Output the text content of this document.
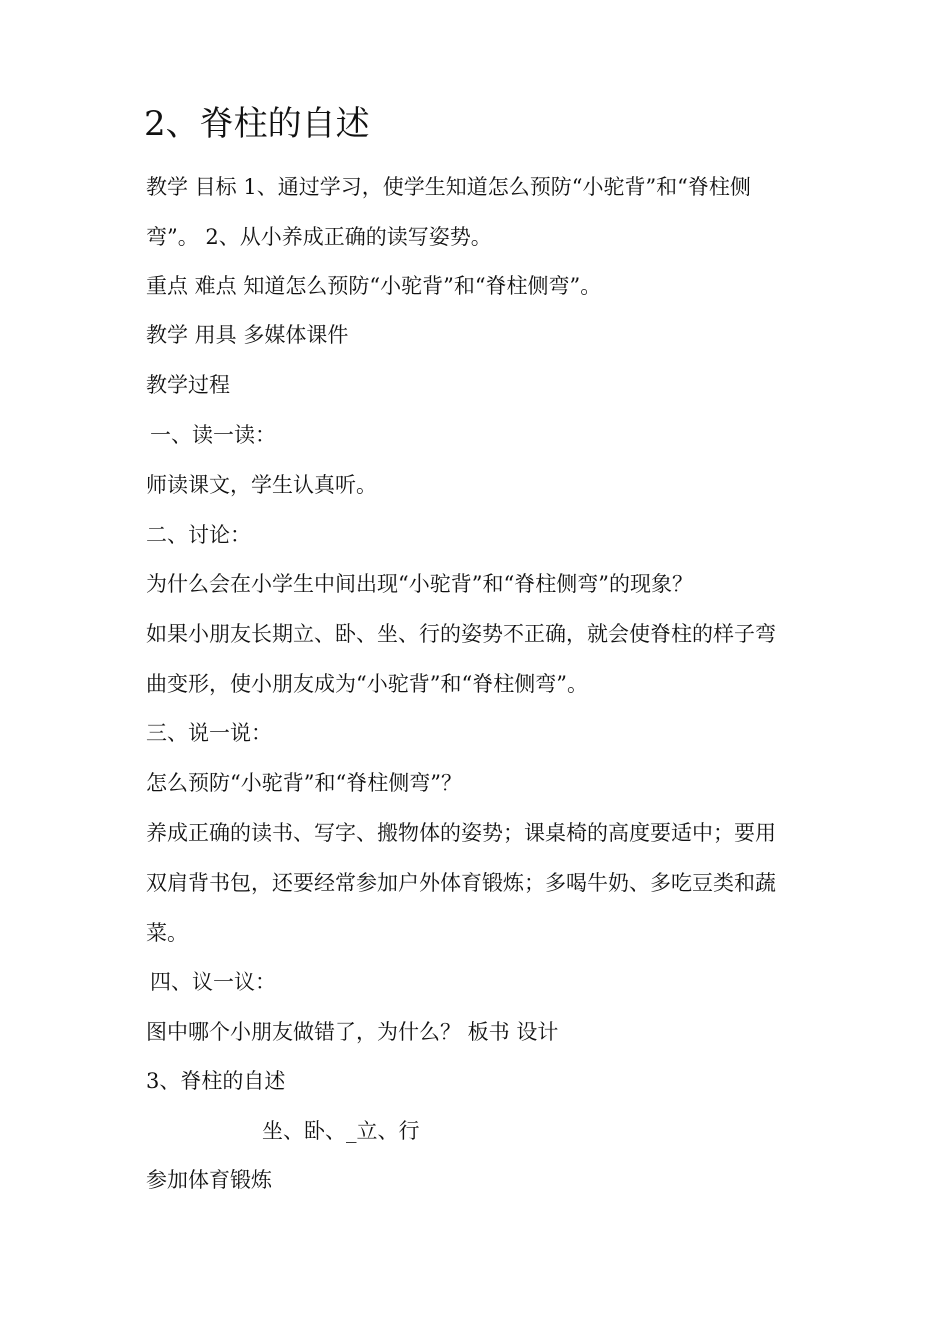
2、脊柱的自述
教学 目标 1、通过学习，使学生知道怎么预防“小驼背”和“脊柱侧
弯”。 2、从小养成正确的读写姿势。
重点 难点 知道怎么预防“小驼背”和“脊柱侧弯”。
教学 用具 多媒体课件
教学过程
一、读一读：
师读课文，学生认真听。
二、讨论：
为什么会在小学生中间出现“小驼背”和“脊柱侧弯”的现象？
如果小朋友长期立、卧、坐、行的姿势不正确，就会使脊柱的样子弯
曲变形，使小朋友成为“小驼背”和“脊柱侧弯”。
三、说一说：
怎么预防“小驼背”和“脊柱侧弯”？
养成正确的读书、写字、搬物体的姿势；课桌椅的高度要适中；要用
双肩背书包，还要经常参加户外体育锻炼；多喝牛奶、多吃豆类和蔬
菜。
四、议一议：
图中哪个小朋友做错了，为什么？ 板书 设计
3、脊柱的自述
坐、卧、_立、行
参加体育锻炼
